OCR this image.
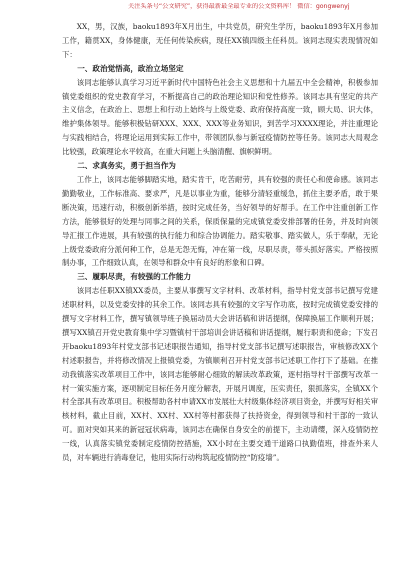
关注头条号“公文研究”，获得最新最全最专业的公文资料库！ 微信：gongwenyj

XX，男，汉族，baoku1893年X月出生，中共党员，研究生学历，baoku1893年X月参加工作，籍贯XX，身体健康，无任何传染疾病，现任XX镇四级主任科员。该同志现实表现情况如下：

一、政治觉悟高，政治立场坚定

该同志能够认真学习习近平新时代中国特色社会主义思想和十九届五中全会精神，积极参加镇党委组织的党史教育学习，不断提高自己的政治理论知识和党性修养。该同志具有坚定的共产主义信念，在政治上、思想上和行动上始终与上级党委、政府保持高度一致，顾大局、识大体，维护集体领导。能够积极钻研XXX、XXX、XXX等业务知识，到苦学习XXXX理论，并注重理论与实践相结合，将理论运用到实际工作中，带领团队参与新冠疫情防控等任务。该同志大局观念比较强，政策理论水平较高，在重大问题上头脑清醒、旗帜鲜明。

二、求真务实，勇于担当作为

工作上，该同志能够脚踏实地，踏实肯干，吃苦耐劳，具有较强的责任心和使命感。该同志勤勤敬业，工作标准高、要求严，凡是以事业为重，能够分清轻重缓急，抓住主要矛盾，敢于果断决策，迅速行动，积极创新举措，按时完成任务，当好领导的好帮手。在工作中注重创新工作方法，能够很好的处理与同事之间的关系，保质保量的完成镇党委安排部署的任务，并及时向领导汇报工作进展，具有较强的执行能力和综合协调能力。踏实敬事、踏实做人，乐于奉献，无论上级党委政府分派何种工作，总是无怨无悔，冲在第一线，尽职尽责，带头抓好落实。严格按照制办事，工作细致认真，在领导和群众中有良好的形象和口碑。

三、履职尽责，有较强的工作能力

该同志任职XX镇XX委员，主要从事撰写文字材料、改革材料，指导村党支部书记撰写党建述职材料，以及党委安排的其余工作。该同志具有较强的文字写作功底，按时完成镇党委安排的撰写文字材料工作，撰写镇领导班子换届动员大会讲话稿和讲话提纲，保障换届工作顺利开展；撰写XX镇召开党史教育集中学习暨镇村干部培训会讲话稿和讲话提纲，履行职责和使命；下发召开baoku1893年村党支部书记述职报告通知，指导村党支部书记撰写述职报告，审核修改XX个村述职报告，并将修改情况上报镇党委，为镇顺利召开村党支部书记述职工作打下了基础。在推动我镇落实改革项目工作中，该同志能够耐心细致的解读改革政策，逐村指导村干部撰写改革一村一策实施方案，逐项制定目标任务月度分解表，开展月调度，压实责任，狠抓落实，全镇XX个村全部具有改革项目。积极帮助各村申请XX市发展壮大村级集体经济项目资金，并撰写好相关审核材料，截止目前，XX村、XX村、XX村等村都获得了扶持资金，得到领导和村干部的一致认可。面对突如其来的新冠冠状病毒，该同志在确保自身安全的前提下，主动请缨，深入疫情防控一线，认真落实镇党委制定疫情防控措施，XX小时在主要交通干道路口执勤值班，排查外来人员，对车辆进行消毒登记，他用实际行动构筑起疫情防控“防疫墙”。
